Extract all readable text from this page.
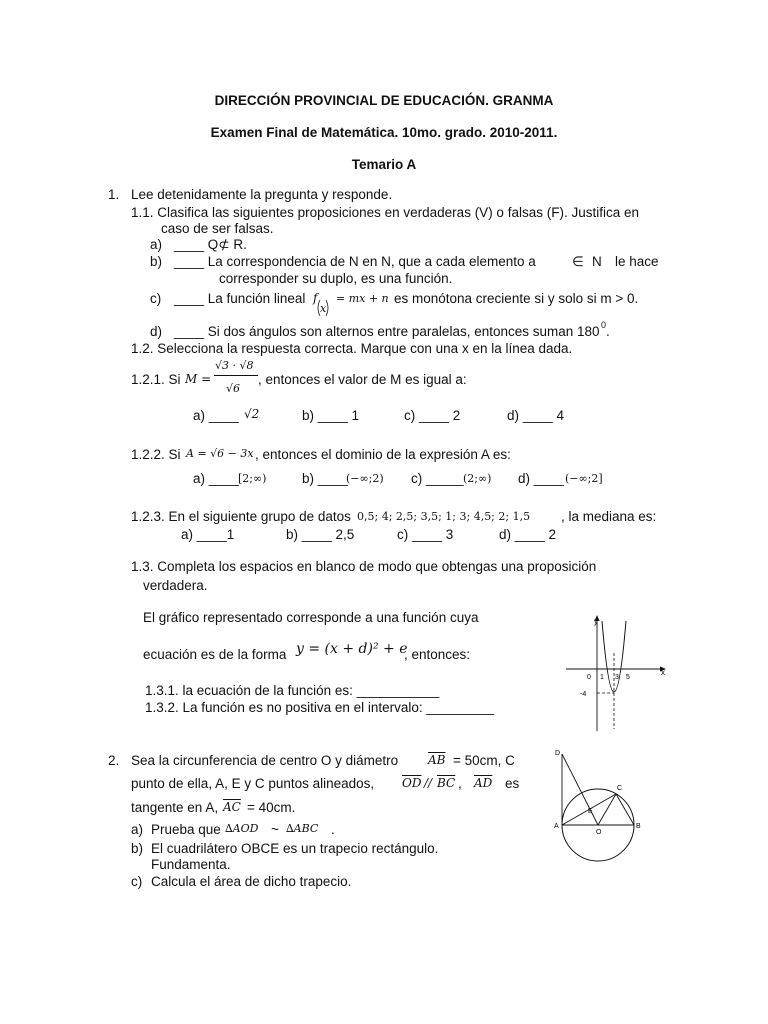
DIRECCIÓN PROVINCIAL DE EDUCACIÓN. GRANMA
Examen Final de Matemática. 10mo. grado. 2010-2011.
Temario A
1. Lee detenidamente la pregunta y responde.
1.1. Clasifica las siguientes proposiciones en verdaderas (V) o falsas (F). Justifica en
caso de ser falsas.
a) ____ Q⊄ R.
b) ____ La correspondencia de N en N, que a cada elemento a	∈ N le hace
corresponder su duplo, es una función.
c) ____ La función lineal f
x
= mx + n es monótona creciente si y solo si m > 0.
d) ____ Si dos ángulos son alternos entre paralelas, entonces suman 180 0 .
1.2. Selecciona la respuesta correcta. Marque con una x en la línea dada.
1.2.1. Si M =
√3 · √8
√6
, entonces el valor de M es igual a:
a) ____ √2	b) ____ 1	c) ____ 2	d) ____ 4
1.2.2. Si A = √6 − 3x , entonces el dominio de la expresión A es:
a) ____ [2;∞)	b) ____
(−∞;2) c) _____ (2;∞) d) ____ (−∞;2]
1.2.3. En el siguiente grupo de datos 0,5; 4; 2,5; 3,5; 1; 3; 4,5; 2; 1,5 , la mediana es:
a) ____1	b) ____ 2,5	c) ____ 3	d) ____ 2
1.3. Completa los espacios en blanco de modo que obtengas una proposición
verdadera.
El gráfico representado corresponde a una función cuya
ecuación es de la forma y = (x + d)² + e
, entonces:
1.3.1. la ecuación de la función es: ___________
1.3.2. La función es no positiva en el intervalo: _________
y
x
0 1 3 5
-4
2. Sea la circunferencia de centro O y diámetro $\overline{AB} = 50cm$, C
punto de ella, A, E y C puntos alineados, $\overline{OD} // \overline{BC}$ , $\overline{AD}$ es
tangente en A, $\overline{AC} = 40cm$.
a) Prueba que ∆AOD ~ ∆ABC .
b) El cuadrilátero OBCE es un trapecio rectángulo.
Fundamenta.
c) Calcula el área de dicho trapecio.
D
C
E
A
O
B
